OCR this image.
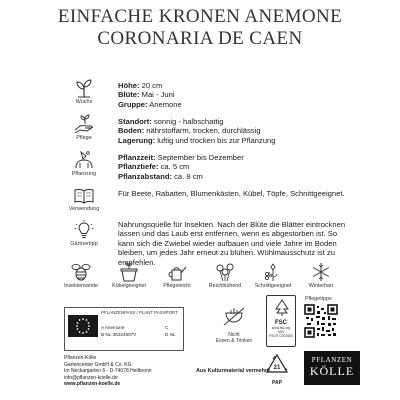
EINFACHE KRONEN ANEMONE
CORONARIA DE CAEN
Wuchs
Höhe: 20 cm
Blüte: Mai - Juni
Gruppe: Anemone
Pflege
Standort: sonnig - halbschattig
Boden: nährstoffarm, trocken, durchlässig
Lagerung: luftig und trocken bis zur Pflanzung
Pflanzung
Pflanzzeit: September bis Dezember
Pflanztiefe: ca. 5 cm
Pflanzabstand: ca. 8 cm
Verwendung
Für Beete, Rabatten, Blumenkästen, Kübel, Töpfe, Schnittgeeignet.
Gärtnertipp
Nahrungsquelle für Insekten. Nach der Blüte die Blätter eintrocknen
lassen und das Laub erst entfernen, wenn es abgestorben ist. So
kann sich die Zwiebel wieder aufbauen und viele Jahre im Boden
bleiben, um jedes Jahr erneut zu blühen. Wühlmausschutz ist zu
empfehlen.
Insektenweide	Kübelgeeignet	Pflegeleicht	Reichblühend	Schnittgeeignet	Winterhart
PFLANZENPASS / PLANT PASSPORT
A Anemone
B NL-36324907V
C
D NL
Pflanzen-Kölle
Gartencenter GmbH & Co. KG
Im Neckargarten 6 · D-74078 Heilbronn
info@pflanzen-koelle.de
www.pflanzen-koelle.de
Nicht
Essen & Trinken
FSC
www.fsc.org
MIX
FSC® C001600
Pflegetipps
21
PAP
Aus Kulturmaterial vermehrt.
PFLANZEN
KÖLLE
